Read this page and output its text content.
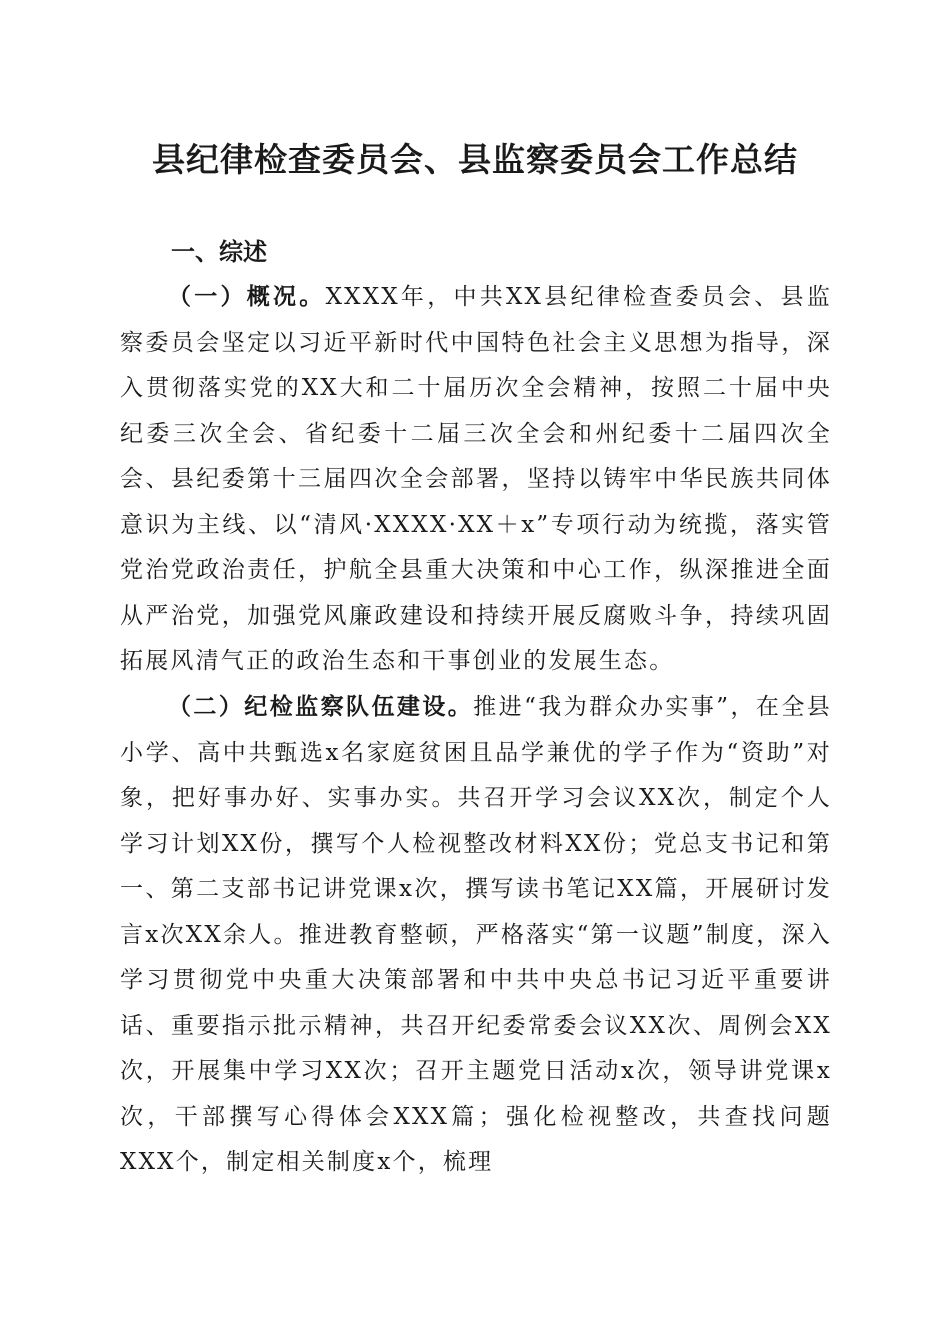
县纪律检查委员会、县监察委员会工作总结
一、综述

（一）概况。XXXX年，中共XX县纪律检查委员会、县监察委员会坚定以习近平新时代中国特色社会主义思想为指导，深入贯彻落实党的XX大和二十届历次全会精神，按照二十届中央纪委三次全会、省纪委十二届三次全会和州纪委十二届四次全会、县纪委第十三届四次全会部署，坚持以铸牢中华民族共同体意识为主线、以“清风·XXXX·XX＋x”专项行动为统揽，落实管党治党政治责任，护航全县重大决策和中心工作，纵深推进全面从严治党，加强党风廉政建设和持续开展反腐败斗争，持续巩固拓展风清气正的政治生态和干事创业的发展生态。

（二）纪检监察队伍建设。推进“我为群众办实事”，在全县小学、高中共甄选x名家庭贫困且品学兼优的学子作为“资助”对象，把好事办好、实事办实。共召开学习会议XX次，制定个人学习计划XX份，撰写个人检视整改材料XX份；党总支书记和第一、第二支部书记讲党课x次，撰写读书笔记XX篇，开展研讨发言x次XX余人。推进教育整顿，严格落实“第一议题”制度，深入学习贯彻党中央重大决策部署和中共中央总书记习近平重要讲话、重要指示批示精神，共召开纪委常委会议XX次、周例会XX次，开展集中学习XX次；召开主题党日活动x次，领导讲党课x次，干部撰写心得体会XXX篇；强化检视整改，共查找问题XXX个，制定相关制度x个，梳理
